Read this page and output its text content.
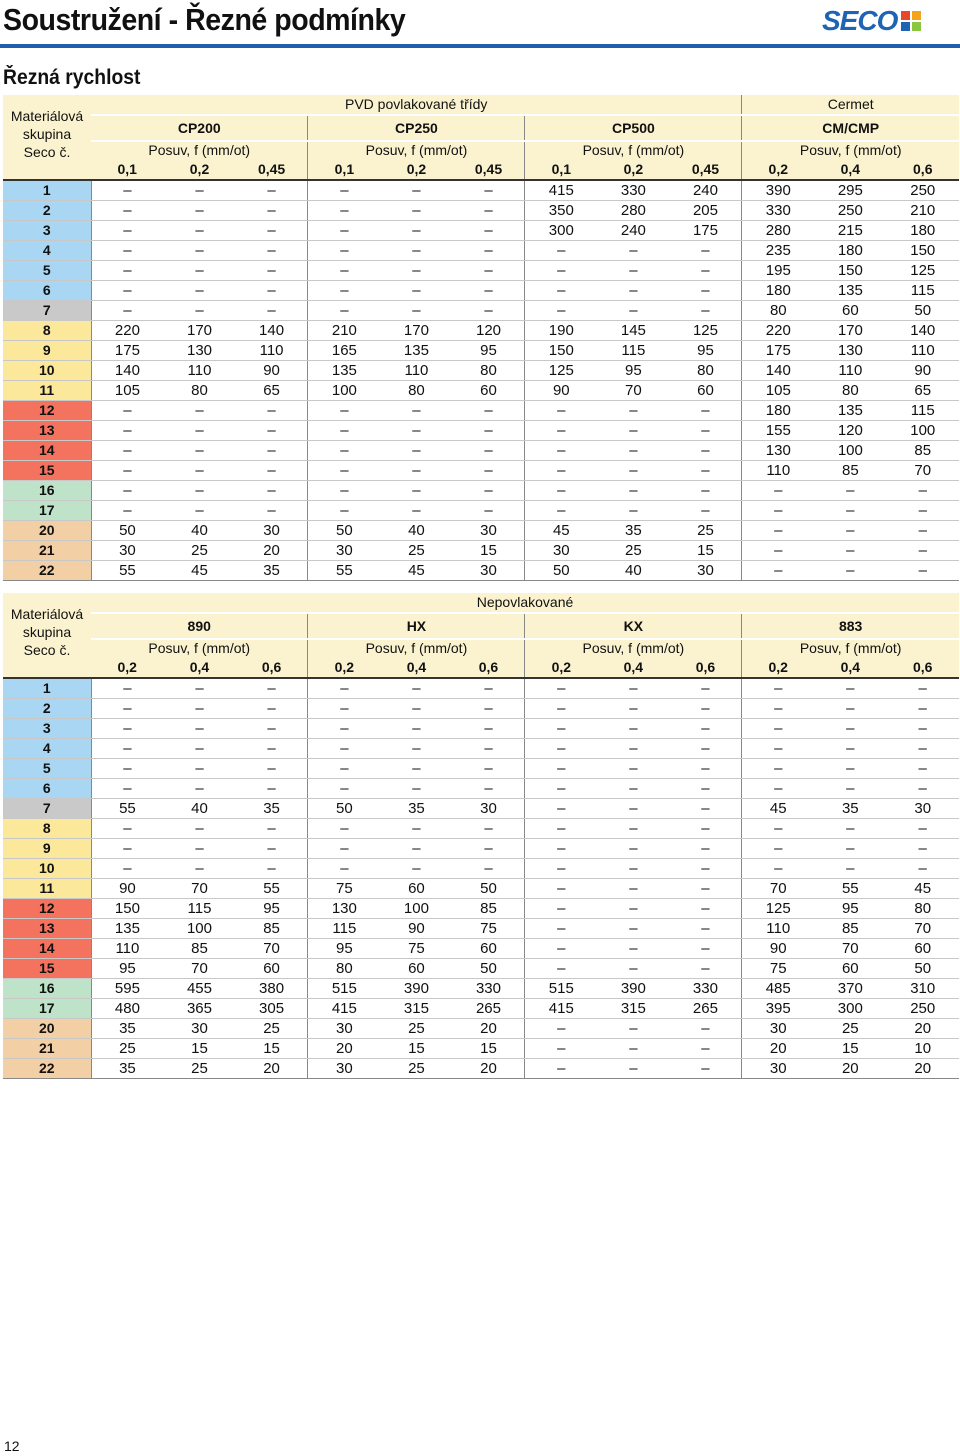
Soustružení - Řezné podmínky	SECO
Řezná rychlost
Materiálová
skupina
Seco č.	PVD povlakované třídy									Cermet		
	CP200			CP250			CP500			CM/CMP		
	Posuv, f (mm/ot)			Posuv, f (mm/ot)			Posuv, f (mm/ot)			Posuv, f (mm/ot)		
	0,1	0,2	0,45	0,1	0,2	0,45	0,1	0,2	0,45	0,2	0,4	0,6
1	–	–	–	–	–	–	415	330	240	390	295	250
2	–	–	–	–	–	–	350	280	205	330	250	210
3	–	–	–	–	–	–	300	240	175	280	215	180
4	–	–	–	–	–	–	–	–	–	235	180	150
5	–	–	–	–	–	–	–	–	–	195	150	125
6	–	–	–	–	–	–	–	–	–	180	135	115
7	–	–	–	–	–	–	–	–	–	80	60	50
8	220	170	140	210	170	120	190	145	125	220	170	140
9	175	130	110	165	135	95	150	115	95	175	130	110
10	140	110	90	135	110	80	125	95	80	140	110	90
11	105	80	65	100	80	60	90	70	60	105	80	65
12	–	–	–	–	–	–	–	–	–	180	135	115
13	–	–	–	–	–	–	–	–	–	155	120	100
14	–	–	–	–	–	–	–	–	–	130	100	85
15	–	–	–	–	–	–	–	–	–	110	85	70
16	–	–	–	–	–	–	–	–	–	–	–	–
17	–	–	–	–	–	–	–	–	–	–	–	–
20	50	40	30	50	40	30	45	35	25	–	–	–
21	30	25	20	30	25	15	30	25	15	–	–	–
22	55	45	35	55	45	30	50	40	30	–	–	–
Materiálová
skupina
Seco č.	Nepovlakované											
	890			HX			KX			883		
	Posuv, f (mm/ot)			Posuv, f (mm/ot)			Posuv, f (mm/ot)			Posuv, f (mm/ot)		
	0,2	0,4	0,6	0,2	0,4	0,6	0,2	0,4	0,6	0,2	0,4	0,6
1	–	–	–	–	–	–	–	–	–	–	–	–
2	–	–	–	–	–	–	–	–	–	–	–	–
3	–	–	–	–	–	–	–	–	–	–	–	–
4	–	–	–	–	–	–	–	–	–	–	–	–
5	–	–	–	–	–	–	–	–	–	–	–	–
6	–	–	–	–	–	–	–	–	–	–	–	–
7	55	40	35	50	35	30	–	–	–	45	35	30
8	–	–	–	–	–	–	–	–	–	–	–	–
9	–	–	–	–	–	–	–	–	–	–	–	–
10	–	–	–	–	–	–	–	–	–	–	–	–
11	90	70	55	75	60	50	–	–	–	70	55	45
12	150	115	95	130	100	85	–	–	–	125	95	80
13	135	100	85	115	90	75	–	–	–	110	85	70
14	110	85	70	95	75	60	–	–	–	90	70	60
15	95	70	60	80	60	50	–	–	–	75	60	50
16	595	455	380	515	390	330	515	390	330	485	370	310
17	480	365	305	415	315	265	415	315	265	395	300	250
20	35	30	25	30	25	20	–	–	–	30	25	20
21	25	15	15	20	15	15	–	–	–	20	15	10
22	35	25	20	30	25	20	–	–	–	30	20	20
12
